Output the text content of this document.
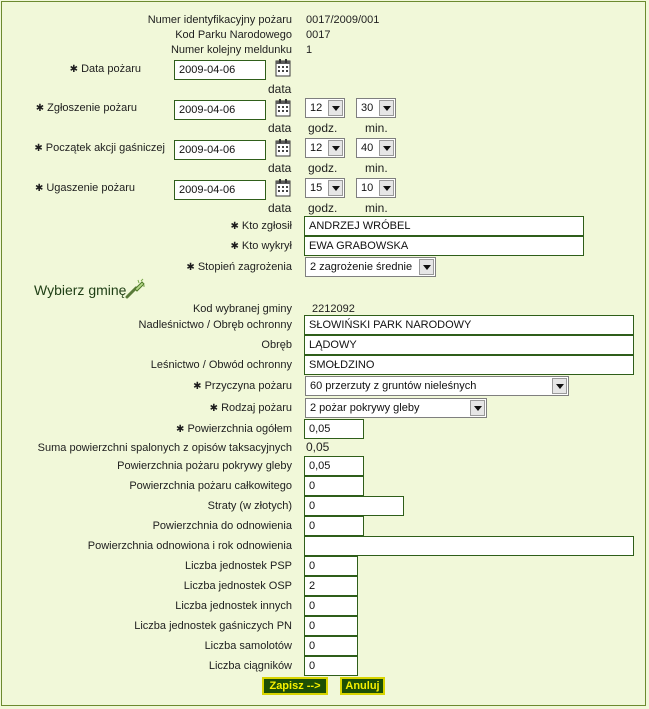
Numer identyfikacyjny pożaru 0017/2009/001
Kod Parku Narodowego 0017
Numer kolejny meldunku 1
✱ Data pożaru	2009-04-06
data
✱ Zgłoszenie pożaru	2009-04-06	12	30
data godz. min.
✱ Początek akcji gaśniczej	2009-04-06	12	40
data godz. min.
✱ Ugaszenie pożaru	2009-04-06	15	10
data godz. min.
✱ Kto zgłosił	ANDRZEJ WRÓBEL
✱ Kto wykrył	EWA GRABOWSKA
✱ Stopień zagrożenia	2 zagrożenie średnie
Wybierz gminę
Kod wybranej gminy 2212092
Nadleśnictwo / Obręb ochronny	SŁOWIŃSKI PARK NARODOWY
Obręb	LĄDOWY
Leśnictwo / Obwód ochronny	SMOŁDZINO
✱ Przyczyna pożaru	60 przerzuty z gruntów nieleśnych
✱ Rodzaj pożaru	2 pożar pokrywy gleby
✱ Powierzchnia ogółem	0,05
Suma powierzchni spalonych z opisów taksacyjnych 0,05
Powierzchnia pożaru pokrywy gleby	0,05
Powierzchnia pożaru całkowitego	0
Straty (w złotych)	0
Powierzchnia do odnowienia	0
Powierzchnia odnowiona i rok odnowienia
Liczba jednostek PSP	0
Liczba jednostek OSP	2
Liczba jednostek innych	0
Liczba jednostek gaśniczych PN	0
Liczba samolotów	0
Liczba ciągników	0
Zapisz -->	Anuluj
